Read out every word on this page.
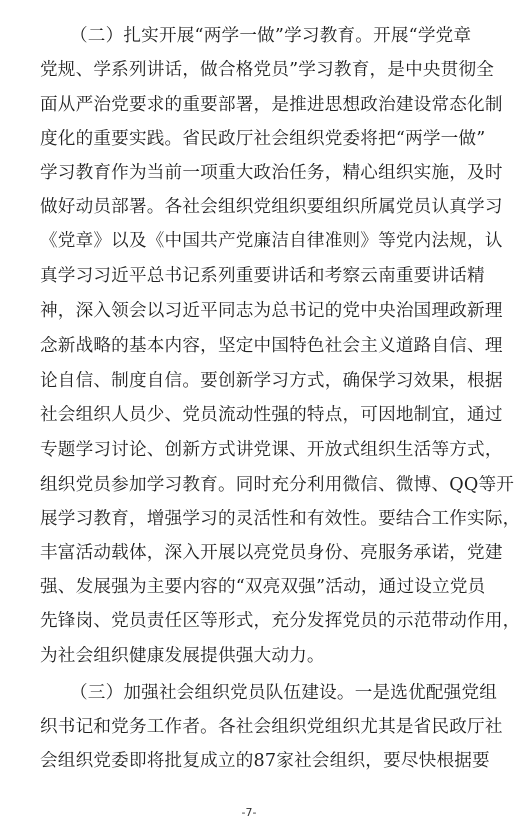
（二）扎实开展“两学一做”学习教育。开展“学党章
党规、学系列讲话，做合格党员”学习教育，是中央贯彻全
面从严治党要求的重要部署，是推进思想政治建设常态化制
度化的重要实践。省民政厅社会组织党委将把“两学一做”
学习教育作为当前一项重大政治任务，精心组织实施，及时
做好动员部署。各社会组织党组织要组织所属党员认真学习
《党章》以及《中国共产党廉洁自律准则》等党内法规，认
真学习习近平总书记系列重要讲话和考察云南重要讲话精
神，深入领会以习近平同志为总书记的党中央治国理政新理
念新战略的基本内容，坚定中国特色社会主义道路自信、理
论自信、制度自信。要创新学习方式，确保学习效果，根据
社会组织人员少、党员流动性强的特点，可因地制宜，通过
专题学习讨论、创新方式讲党课、开放式组织生活等方式，
组织党员参加学习教育。同时充分利用微信、微博、QQ等开
展学习教育，增强学习的灵活性和有效性。要结合工作实际，
丰富活动载体，深入开展以亮党员身份、亮服务承诺，党建
强、发展强为主要内容的“双亮双强”活动，通过设立党员
先锋岗、党员责任区等形式，充分发挥党员的示范带动作用，
为社会组织健康发展提供强大动力。
（三）加强社会组织党员队伍建设。一是选优配强党组
织书记和党务工作者。各社会组织党组织尤其是省民政厅社
会组织党委即将批复成立的87家社会组织，要尽快根据要
-7-
